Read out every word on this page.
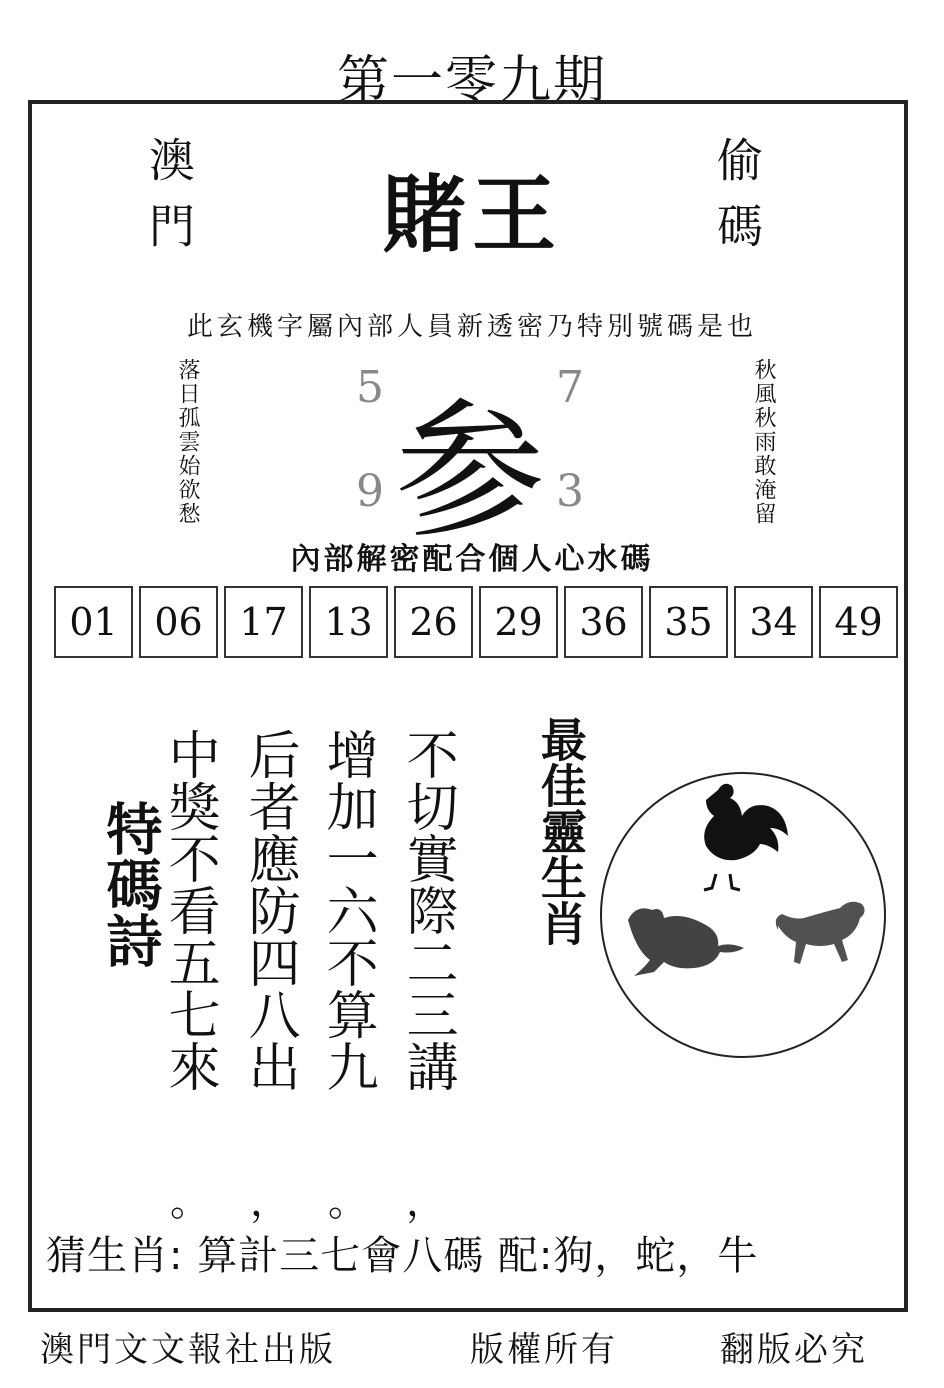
第一零九期
澳門	偷碼
賭王
此玄機字屬內部人員新透密乃特別號碼是也
落日孤雲始欲愁	秋風秋雨敢淹留
5	7
9	3
参
內部解密配合個人心水碼
01 06 17 13 26 29 36 35 34 49
特碼詩	不切實際二三講
增加一六不算九
后者應防四八出
中獎不看五七來
。 ， 。 ，
最佳靈生肖
猜生肖: 算計三七會八碼 配:狗，蛇，牛
澳門文文報社出版	版權所有	翻版必究
